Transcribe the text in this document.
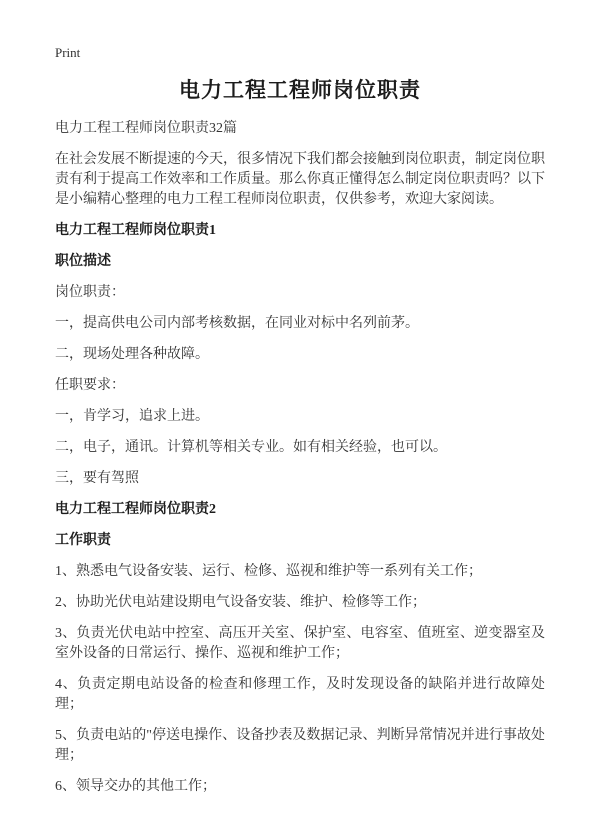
Print
电力工程工程师岗位职责
电力工程工程师岗位职责32篇

在社会发展不断提速的今天，很多情况下我们都会接触到岗位职责，制定岗位职责有利于提高工作效率和工作质量。那么你真正懂得怎么制定岗位职责吗？以下是小编精心整理的电力工程工程师岗位职责，仅供参考，欢迎大家阅读。

电力工程工程师岗位职责1

职位描述

岗位职责：

一，提高供电公司内部考核数据，在同业对标中名列前茅。

二，现场处理各种故障。

任职要求：

一，肯学习，追求上进。

二，电子，通讯。计算机等相关专业。如有相关经验，也可以。

三，要有驾照

电力工程工程师岗位职责2

工作职责

1、熟悉电气设备安装、运行、检修、巡视和维护等一系列有关工作；

2、协助光伏电站建设期电气设备安装、维护、检修等工作；

3、负责光伏电站中控室、高压开关室、保护室、电容室、值班室、逆变器室及室外设备的日常运行、操作、巡视和维护工作；

4、负责定期电站设备的检查和修理工作，及时发现设备的缺陷并进行故障处理；

5、负责电站的"停送电操作、设备抄表及数据记录、判断异常情况并进行事故处理；

6、领导交办的其他工作；
